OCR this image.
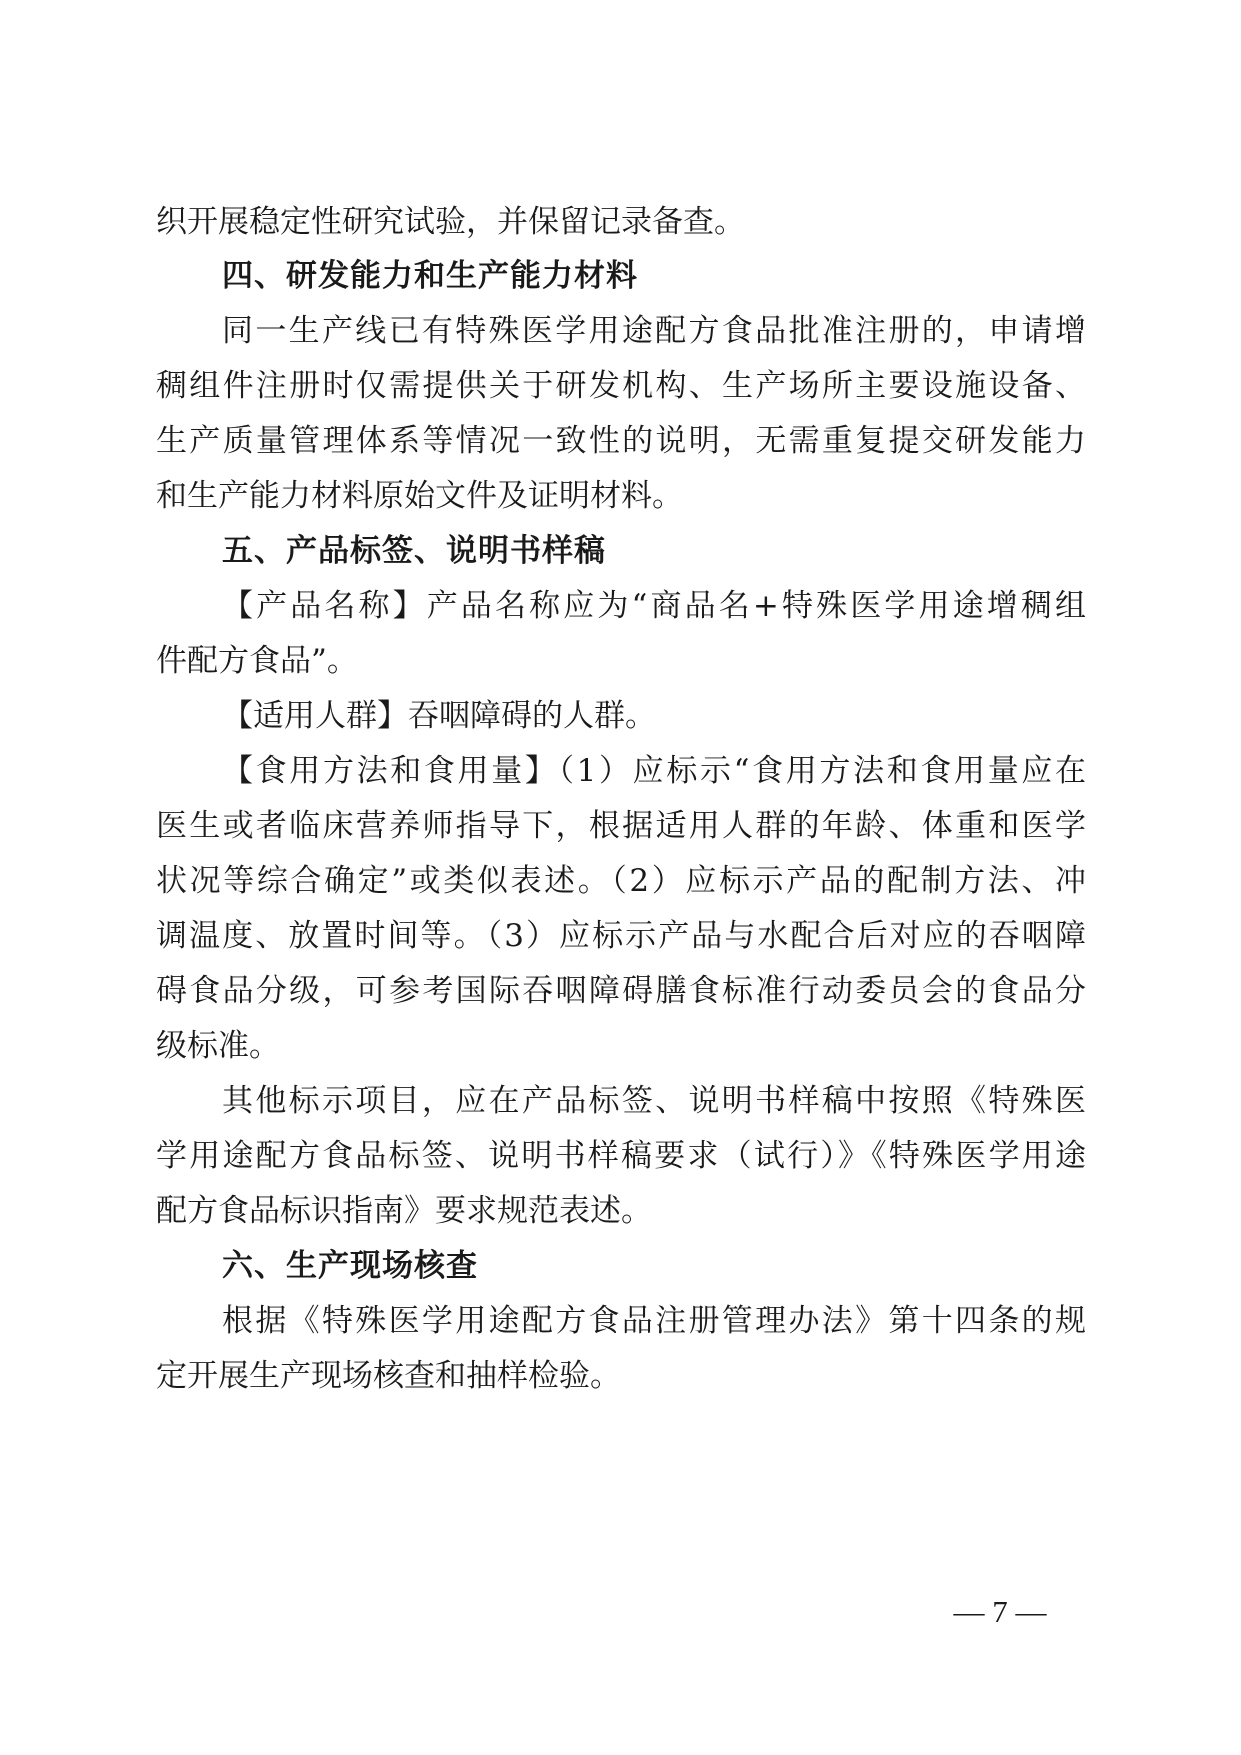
织开展稳定性研究试验，并保留记录备查。
四、研发能力和生产能力材料
同一生产线已有特殊医学用途配方食品批准注册的，申请增
稠组件注册时仅需提供关于研发机构、生产场所主要设施设备、
生产质量管理体系等情况一致性的说明，无需重复提交研发能力
和生产能力材料原始文件及证明材料。
五、产品标签、说明书样稿
【产品名称】产品名称应为“商品名+特殊医学用途增稠组
件配方食品”。
【适用人群】吞咽障碍的人群。
【食用方法和食用量】（1）应标示“食用方法和食用量应在
医生或者临床营养师指导下，根据适用人群的年龄、体重和医学
状况等综合确定”或类似表述。（2）应标示产品的配制方法、冲
调温度、放置时间等。（3）应标示产品与水配合后对应的吞咽障
碍食品分级，可参考国际吞咽障碍膳食标准行动委员会的食品分
级标准。
其他标示项目，应在产品标签、说明书样稿中按照《特殊医
学用途配方食品标签、说明书样稿要求（试行）》《特殊医学用途
配方食品标识指南》要求规范表述。
六、生产现场核查
根据《特殊医学用途配方食品注册管理办法》第十四条的规
定开展生产现场核查和抽样检验。
— 7 —
